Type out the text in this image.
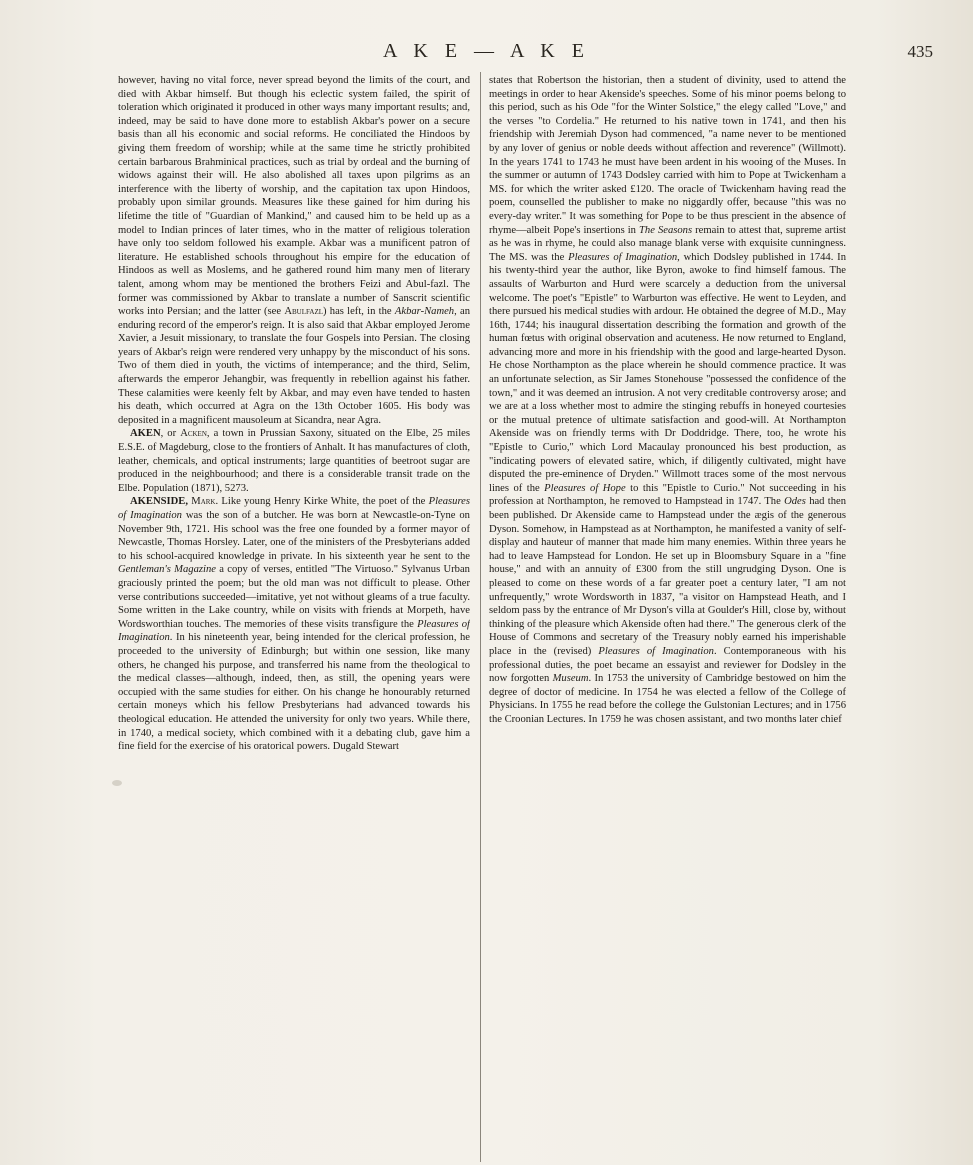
A K E — A K E	435

however, having no vital force, never spread beyond the limits of the court, and died with Akbar himself. But though his eclectic system failed, the spirit of toleration which originated it produced in other ways many important results; and, indeed, may be said to have done more to establish Akbar's power on a secure basis than all his economic and social reforms. He conciliated the Hindoos by giving them freedom of worship; while at the same time he strictly prohibited certain barbarous Brahminical practices, such as trial by ordeal and the burning of widows against their will. He also abolished all taxes upon pilgrims as an interference with the liberty of worship, and the capitation tax upon Hindoos, probably upon similar grounds. Measures like these gained for him during his lifetime the title of "Guardian of Mankind," and caused him to be held up as a model to Indian princes of later times, who in the matter of religious toleration have only too seldom followed his example. Akbar was a munificent patron of literature. He established schools throughout his empire for the education of Hindoos as well as Moslems, and he gathered round him many men of literary talent, among whom may be mentioned the brothers Feizi and Abul-fazl. The former was commissioned by Akbar to translate a number of Sanscrit scientific works into Persian; and the latter (see Abulfazl) has left, in the Akbar-Nameh, an enduring record of the emperor's reign. It is also said that Akbar employed Jerome Xavier, a Jesuit missionary, to translate the four Gospels into Persian. The closing years of Akbar's reign were rendered very unhappy by the misconduct of his sons. Two of them died in youth, the victims of intemperance; and the third, Selim, afterwards the emperor Jehangbir, was frequently in rebellion against his father. These calamities were keenly felt by Akbar, and may even have tended to hasten his death, which occurred at Agra on the 13th October 1605. His body was deposited in a magnificent mausoleum at Sicandra, near Agra.

AKEN, or Acken, a town in Prussian Saxony, situated on the Elbe, 25 miles E.S.E. of Magdeburg, close to the frontiers of Anhalt. It has manufactures of cloth, leather, chemicals, and optical instruments; large quantities of beetroot sugar are produced in the neighbourhood; and there is a considerable transit trade on the Elbe. Population (1871), 5273.

AKENSIDE, Mark. Like young Henry Kirke White, the poet of the Pleasures of Imagination was the son of a butcher. He was born at Newcastle-on-Tyne on November 9th, 1721. His school was the free one founded by a former mayor of Newcastle, Thomas Horsley. Later, one of the ministers of the Presbyterians added to his school-acquired knowledge in private. In his sixteenth year he sent to the Gentleman's Magazine a copy of verses, entitled "The Virtuoso." Sylvanus Urban graciously printed the poem; but the old man was not difficult to please. Other verse contributions succeeded—imitative, yet not without gleams of a true faculty. Some written in the Lake country, while on visits with friends at Morpeth, have Wordsworthian touches. The memories of these visits transfigure the Pleasures of Imagination. In his nineteenth year, being intended for the clerical profession, he proceeded to the university of Edinburgh; but within one session, like many others, he changed his purpose, and transferred his name from the theological to the medical classes—although, indeed, then, as still, the opening years were occupied with the same studies for either. On his change he honourably returned certain moneys which his fellow Presbyterians had advanced towards his theological education. He attended the university for only two years. While there, in 1740, a medical society, which combined with it a debating club, gave him a fine field for the exercise of his oratorical powers. Dugald Stewart

states that Robertson the historian, then a student of divinity, used to attend the meetings in order to hear Akenside's speeches. Some of his minor poems belong to this period, such as his Ode "for the Winter Solstice," the elegy called "Love," and the verses "to Cordelia." He returned to his native town in 1741, and then his friendship with Jeremiah Dyson had commenced, "a name never to be mentioned by any lover of genius or noble deeds without affection and reverence" (Willmott). In the years 1741 to 1743 he must have been ardent in his wooing of the Muses. In the summer or autumn of 1743 Dodsley carried with him to Pope at Twickenham a MS. for which the writer asked £120. The oracle of Twickenham having read the poem, counselled the publisher to make no niggardly offer, because "this was no every-day writer." It was something for Pope to be thus prescient in the absence of rhyme—albeit Pope's insertions in The Seasons remain to attest that, supreme artist as he was in rhyme, he could also manage blank verse with exquisite cunningness. The MS. was the Pleasures of Imagination, which Dodsley published in 1744. In his twenty-third year the author, like Byron, awoke to find himself famous. The assaults of Warburton and Hurd were scarcely a deduction from the universal welcome. The poet's "Epistle" to Warburton was effective. He went to Leyden, and there pursued his medical studies with ardour. He obtained the degree of M.D., May 16th, 1744; his inaugural dissertation describing the formation and growth of the human fœtus with original observation and acuteness. He now returned to England, advancing more and more in his friendship with the good and large-hearted Dyson. He chose Northampton as the place wherein he should commence practice. It was an unfortunate selection, as Sir James Stonehouse "possessed the confidence of the town," and it was deemed an intrusion. A not very creditable controversy arose; and we are at a loss whether most to admire the stinging rebuffs in honeyed courtesies or the mutual pretence of ultimate satisfaction and good-will. At Northampton Akenside was on friendly terms with Dr Doddridge. There, too, he wrote his "Epistle to Curio," which Lord Macaulay pronounced his best production, as "indicating powers of elevated satire, which, if diligently cultivated, might have disputed the pre-eminence of Dryden." Willmott traces some of the most nervous lines of the Pleasures of Hope to this "Epistle to Curio." Not succeeding in his profession at Northampton, he removed to Hampstead in 1747. The Odes had then been published. Dr Akenside came to Hampstead under the ægis of the generous Dyson. Somehow, in Hampstead as at Northampton, he manifested a vanity of self-display and hauteur of manner that made him many enemies. Within three years he had to leave Hampstead for London. He set up in Bloomsbury Square in a "fine house," and with an annuity of £300 from the still ungrudging Dyson. One is pleased to come on these words of a far greater poet a century later, "I am not unfrequently," wrote Wordsworth in 1837, "a visitor on Hampstead Heath, and I seldom pass by the entrance of Mr Dyson's villa at Goulder's Hill, close by, without thinking of the pleasure which Akenside often had there." The generous clerk of the House of Commons and secretary of the Treasury nobly earned his imperishable place in the (revised) Pleasures of Imagination. Contemporaneous with his professional duties, the poet became an essayist and reviewer for Dodsley in the now forgotten Museum. In 1753 the university of Cambridge bestowed on him the degree of doctor of medicine. In 1754 he was elected a fellow of the College of Physicians. In 1755 he read before the college the Gulstonian Lectures; and in 1756 the Croonian Lectures. In 1759 he was chosen assistant, and two months later chief
